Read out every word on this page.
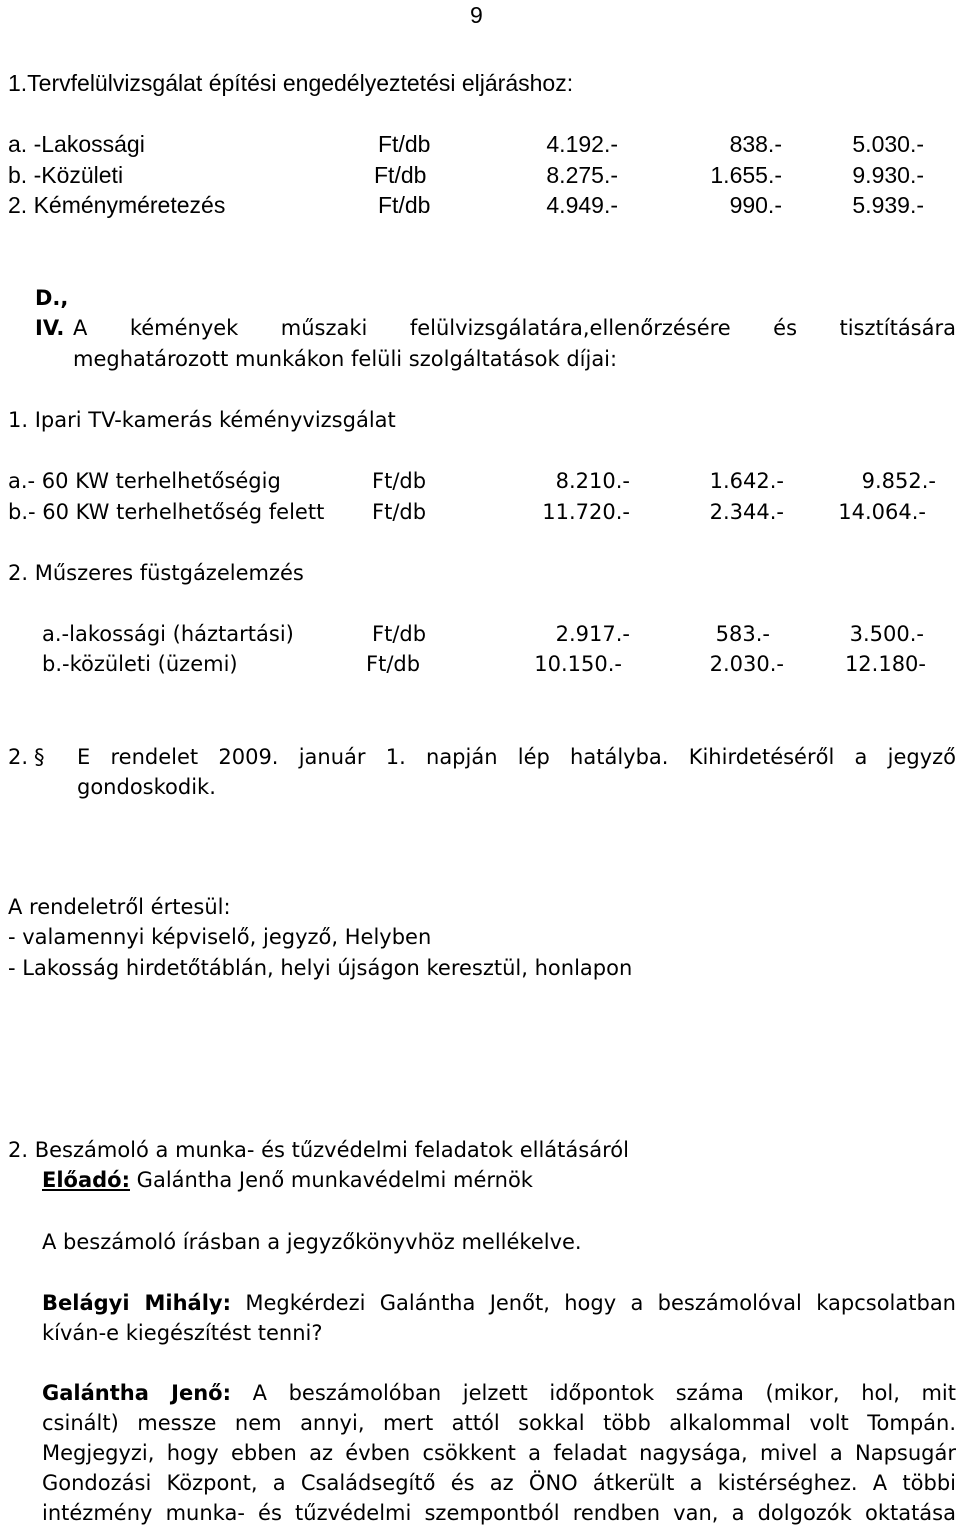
9
1.Tervfelülvizsgálat építési engedélyeztetési eljáráshoz:
a. -Lakossági	Ft/db	4.192.-	838.-	5.030.-
b. -Közületi	Ft/db	8.275.-	1.655.-	9.930.-
2. Kéményméretezés	Ft/db	4.949.-	990.-	5.939.-
D.,
IV. A kémények műszaki felülvizsgálatára,ellenőrzésére és tisztítására
meghatározott munkákon felüli szolgáltatások díjai:
1. Ipari TV-kamerás kéményvizsgálat
a.- 60 KW terhelhetőségig	Ft/db	8.210.-	1.642.-	9.852.-
b.- 60 KW terhelhetőség felett Ft/db	11.720.-	2.344.-	14.064.-
2. Műszeres füstgázelemzés
a.-lakossági (háztartási)	Ft/db	2.917.-	583.-	3.500.-
b.-közületi (üzemi)	Ft/db	10.150.-	2.030.-	12.180-
2. § E rendelet 2009. január 1. napján lép hatályba. Kihirdetéséről a jegyző
gondoskodik.
A rendeletről értesül:
- valamennyi képviselő, jegyző, Helyben
- Lakosság hirdetőtáblán, helyi újságon keresztül, honlapon
2. Beszámoló a munka- és tűzvédelmi feladatok ellátásáról
Előadó: Galántha Jenő munkavédelmi mérnök
A beszámoló írásban a jegyzőkönyvhöz mellékelve.
Belágyi Mihály: Megkérdezi Galántha Jenőt, hogy a beszámolóval kapcsolatban
kíván-e kiegészítést tenni?
Galántha Jenő: A beszámolóban jelzett időpontok száma (mikor, hol, mit
csinált) messze nem annyi, mert attól sokkal több alkalommal volt Tompán.
Megjegyzi, hogy ebben az évben csökkent a feladat nagysága, mivel a Napsugár
Gondozási Központ, a Családsegítő és az ÖNO átkerült a kistérséghez. A többi
intézmény munka- és tűzvédelmi szempontból rendben van, a dolgozók oktatása
